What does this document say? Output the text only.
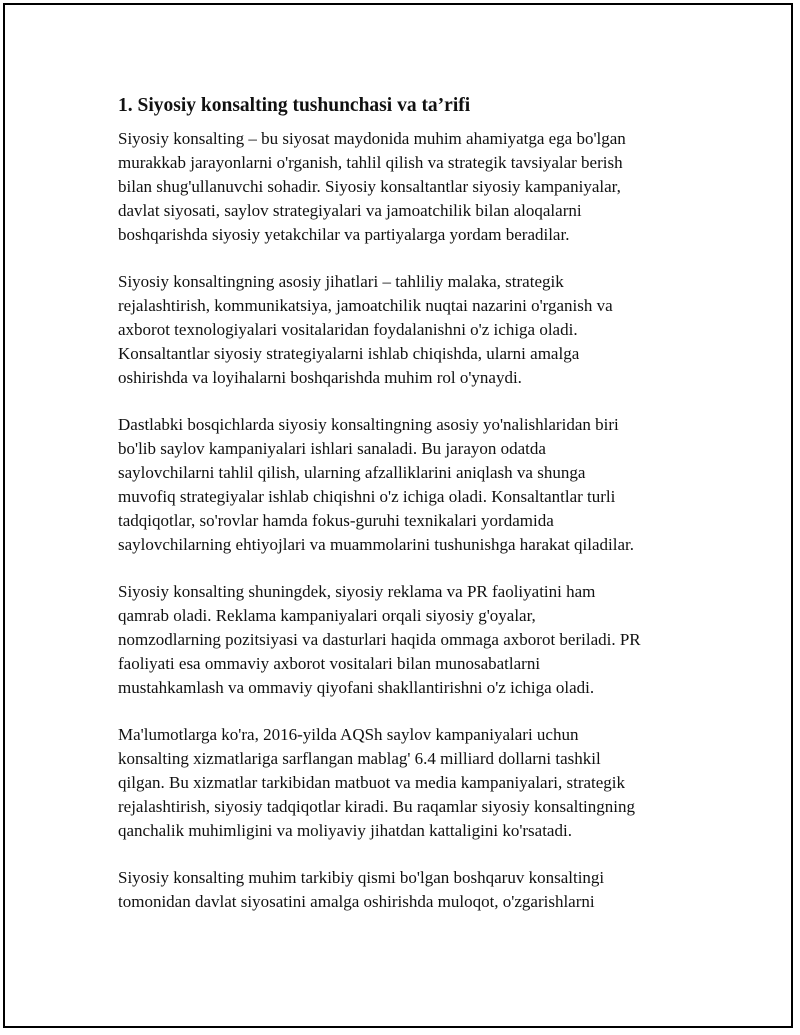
1. Siyosiy konsalting tushunchasi va ta’rifi
Siyosiy konsalting – bu siyosat maydonida muhim ahamiyatga ega bo'lgan
murakkab jarayonlarni o'rganish, tahlil qilish va strategik tavsiyalar berish
bilan shug'ullanuvchi sohadir. Siyosiy konsaltantlar siyosiy kampaniyalar,
davlat siyosati, saylov strategiyalari va jamoatchilik bilan aloqalarni
boshqarishda siyosiy yetakchilar va partiyalarga yordam beradilar.
Siyosiy konsaltingning asosiy jihatlari – tahliliy malaka, strategik
rejalashtirish, kommunikatsiya, jamoatchilik nuqtai nazarini o'rganish va
axborot texnologiyalari vositalaridan foydalanishni o'z ichiga oladi.
Konsaltantlar siyosiy strategiyalarni ishlab chiqishda, ularni amalga
oshirishda va loyihalarni boshqarishda muhim rol o'ynaydi.
Dastlabki bosqichlarda siyosiy konsaltingning asosiy yo'nalishlaridan biri
bo'lib saylov kampaniyalari ishlari sanaladi. Bu jarayon odatda
saylovchilarni tahlil qilish, ularning afzalliklarini aniqlash va shunga
muvofiq strategiyalar ishlab chiqishni o'z ichiga oladi. Konsaltantlar turli
tadqiqotlar, so'rovlar hamda fokus-guruhi texnikalari yordamida
saylovchilarning ehtiyojlari va muammolarini tushunishga harakat qiladilar.
Siyosiy konsalting shuningdek, siyosiy reklama va PR faoliyatini ham
qamrab oladi. Reklama kampaniyalari orqali siyosiy g'oyalar,
nomzodlarning pozitsiyasi va dasturlari haqida ommaga axborot beriladi. PR
faoliyati esa ommaviy axborot vositalari bilan munosabatlarni
mustahkamlash va ommaviy qiyofani shakllantirishni o'z ichiga oladi.
Ma'lumotlarga ko'ra, 2016-yilda AQSh saylov kampaniyalari uchun
konsalting xizmatlariga sarflangan mablag' 6.4 milliard dollarni tashkil
qilgan. Bu xizmatlar tarkibidan matbuot va media kampaniyalari, strategik
rejalashtirish, siyosiy tadqiqotlar kiradi. Bu raqamlar siyosiy konsaltingning
qanchalik muhimligini va moliyaviy jihatdan kattaligini ko'rsatadi.
Siyosiy konsalting muhim tarkibiy qismi bo'lgan boshqaruv konsaltingi
tomonidan davlat siyosatini amalga oshirishda muloqot, o'zgarishlarni
